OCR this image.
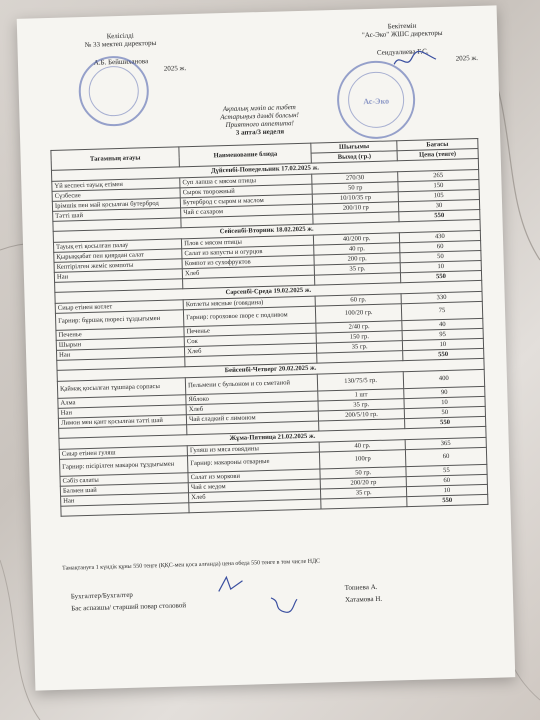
Келісілді
№ 33 мектеп директоры
А.Б. Бейшиханова
2025 ж.
Бекітемін
"Ас-Эко" ЖШС директоры
Сеидуалиева Г.С.
2025 ж.
Ас-Эко
Ақпалық мәзіп ас тәбет
Астарыңыз дәмді болсын!
Приятного аппетита!
3 апта/3 неделя
Тағамның атауы	Наименование блюда	Шығымы	Бағасы
		Выход (гр.)	Цена (тенге)
Дүйсенбі-Понедельник 17.02.2025 ж.			
Үй кеспесі тауық етімен	Суп лапша с мясом птицы	270/30	265
Сүзбесие	Сырок творожный	50 гр	150
Ірімшік пен май қосылған бутерброд	Бутерброд с сыром и маслом	10/10/35 гр	105
Тәтті шай	Чай с сахаром	200/10 гр	30
			550
Сейсенбі-Вторник 18.02.2025 ж.			
Тауық еті қосылған палау	Плов с мясом птицы	40/200 гр.	430
Қырыққабат пен қиярдан салат	Салат из капусты и огурцов	40 гр.	60
Кептірілген жеміс компоты	Компот из сухофруктов	200 гр.	50
Нан	Хлеб	35 гр.	10
			550
Сәрсенбі-Среда 19.02.2025 ж.			
Сиыр етінен котлет	Котлеты мясные (говядина)	60 гр.	330
Гарнир: бұршақ пюресі тұздығымен	Гарнир: гороховое пюре с подливом	100/20 гр.	75
Печенье	Печенье	2/40 гр.	40
Шырын	Сок	150 гр.	95
Нан	Хлеб	35 гр.	10
			550
Бейсенбі-Четверг 20.02.2025 ж.			
Қаймақ қосылған тұшпара сорпасы	Пельмени с бульоном и со сметаной	130/75/5 гр.	400
Алма	Яблоко	1 шт	90
Нан	Хлеб	35 гр.	10
Лимон мен қант қосылған тәтті шай	Чай сладкий с лимоном	200/5/10 гр.	50
			550
Жұма-Пятница 21.02.2025 ж.			
Сиыр етінен гуляш	Гуляш из мяса говядины	40 гр.	365
Гарнир: пісірілген макарон тұздығымен	Гарнир: макароны отварные	100гр	60
Сәбіз салаты	Салат из моркови	50 гр.	55
Балмен шай	Чай с медом	200/20 гр	60
Нан	Хлеб	35 гр.	10
			550
Тамақтануға 1 күндік құны 550 теңге (ҚҚС-мен қоса алғанда) цена обеда 550 тенге в том числе НДС
Бухгалтер/Бухгалтер
Топиева А.
Бас аспазшы/ старший повар столовой
Хатамова Н.
